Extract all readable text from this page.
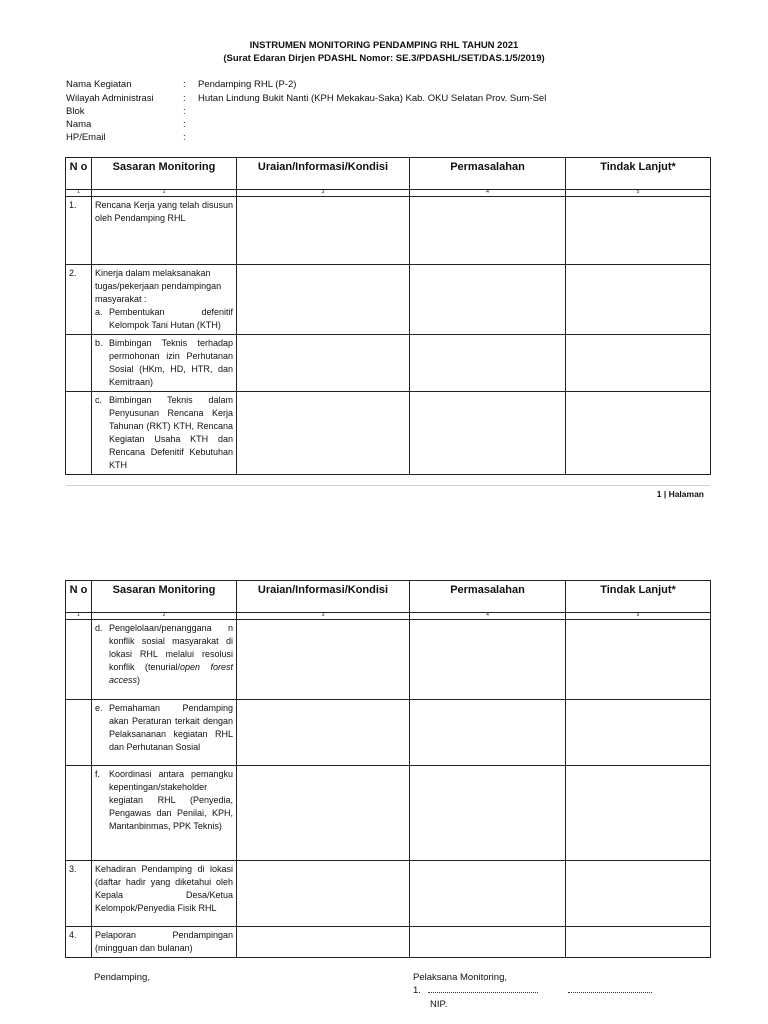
INSTRUMEN MONITORING PENDAMPING RHL TAHUN 2021
(Surat Edaran Dirjen PDASHL Nomor: SE.3/PDASHL/SET/DAS.1/5/2019)
Nama Kegiatan	: Pendamping RHL (P-2)
Wilayah Administrasi	: Hutan Lindung Bukit Nanti (KPH Mekakau-Saka) Kab. OKU Selatan Prov. Sum-Sel
Blok	:
Nama	:
HP/Email	:
N o	Sasaran Monitoring	Uraian/Informasi/Kondisi	Permasalahan	Tindak Lanjut*
1	2	3	4	5
1.	Rencana Kerja yang telah disusun oleh Pendamping RHL			
2.	Kinerja dalam melaksanakan tugas/pekerjaan pendampingan masyarakat :
a. Pembentukan defenitif Kelompok Tani Hutan (KTH)			

	b. Bimbingan Teknis terhadap permohonan izin Perhutanan Sosial (HKm, HD, HTR, dan Kemitraan)			

	c. Bimbingan Teknis dalam Penyusunan Rencana Kerja Tahunan (RKT) KTH, Rencana Kegiatan Usaha KTH dan Rencana Defenitif Kebutuhan KTH			

1 | Halaman
N o	Sasaran Monitoring	Uraian/Informasi/Kondisi	Permasalahan	Tindak Lanjut*
1	2	3	4	5

	d. Pengelolaan/penanggana n konflik sosial masyarakat di lokasi RHL melalui resolusi konflik (tenurial/open forest access)			

	e. Pemahaman Pendamping akan Peraturan terkait dengan Pelaksananan kegiatan RHL dan Perhutanan Sosial			

	f. Koordinasi antara pemangku kepentingan/stakeholder kegiatan RHL (Penyedia, Pengawas dan Penilai, KPH, Mantanbinmas, PPK Teknis)			

3.	Kehadiran Pendamping di lokasi (daftar hadir yang diketahui oleh Kepala Desa/Ketua Kelompok/Penyedia Fisik RHL			
4.	Pelaporan Pendampingan (mingguan dan bulanan)			
Pendamping,	Pelaksana Monitoring,
1.
NIP.
